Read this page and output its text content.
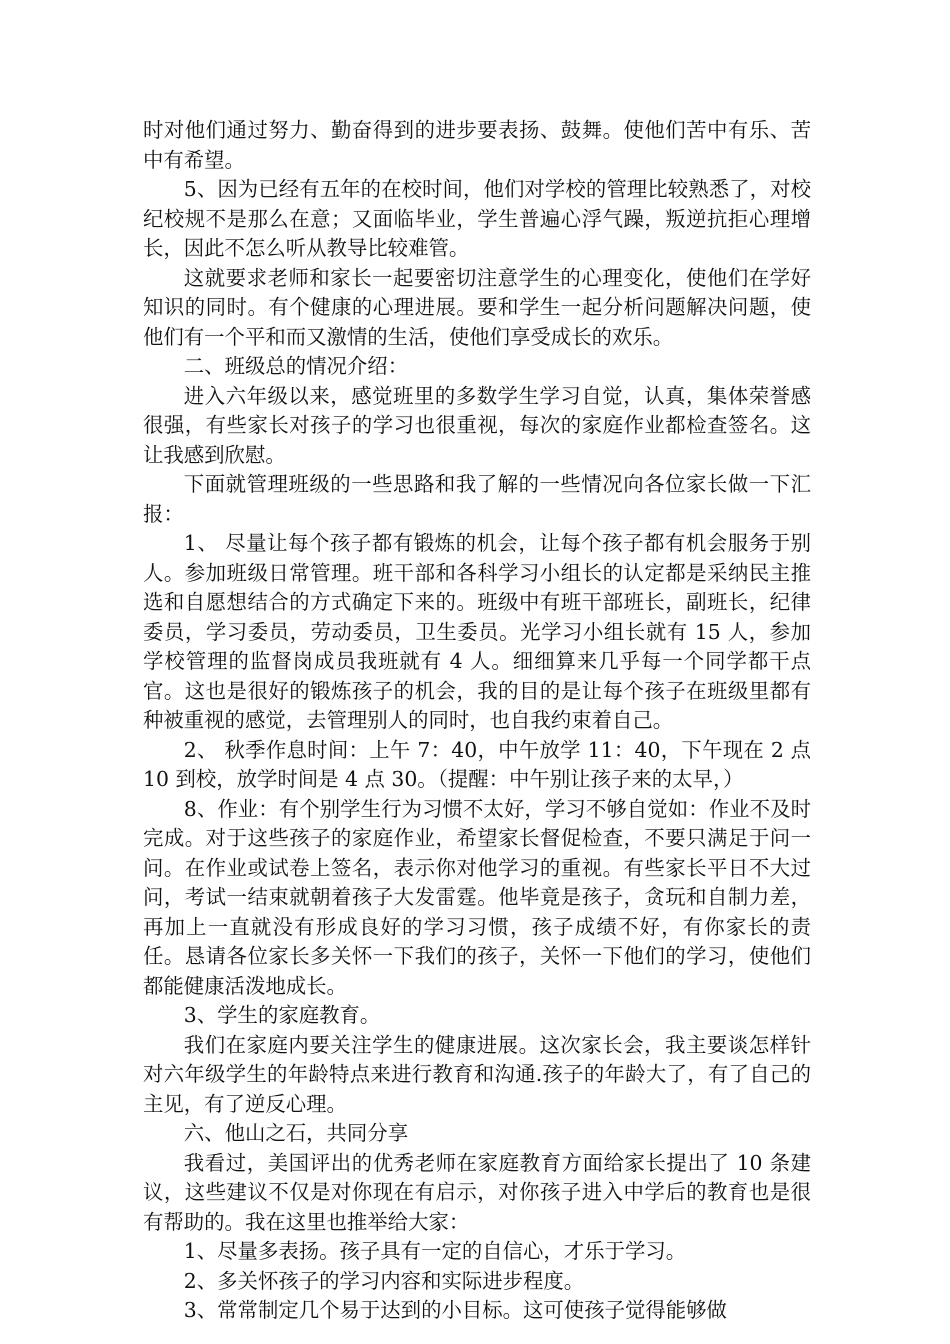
时对他们通过努力、勤奋得到的进步要表扬、鼓舞。使他们苦中有乐、苦中有希望。

5、因为已经有五年的在校时间，他们对学校的管理比较熟悉了，对校纪校规不是那么在意；又面临毕业，学生普遍心浮气躁，叛逆抗拒心理增长，因此不怎么听从教导比较难管。

这就要求老师和家长一起要密切注意学生的心理变化，使他们在学好知识的同时。有个健康的心理进展。要和学生一起分析问题解决问题，使他们有一个平和而又激情的生活，使他们享受成长的欢乐。

二、班级总的情况介绍：

进入六年级以来，感觉班里的多数学生学习自觉，认真，集体荣誉感很强，有些家长对孩子的学习也很重视，每次的家庭作业都检查签名。这让我感到欣慰。

下面就管理班级的一些思路和我了解的一些情况向各位家长做一下汇报：

1、 尽量让每个孩子都有锻炼的机会，让每个孩子都有机会服务于别人。参加班级日常管理。班干部和各科学习小组长的认定都是采纳民主推选和自愿想结合的方式确定下来的。班级中有班干部班长，副班长，纪律委员，学习委员，劳动委员，卫生委员。光学习小组长就有 15 人，参加学校管理的监督岗成员我班就有 4 人。细细算来几乎每一个同学都干点官。这也是很好的锻炼孩子的机会，我的目的是让每个孩子在班级里都有种被重视的感觉，去管理别人的同时，也自我约束着自己。

2、 秋季作息时间：上午 7：40，中午放学 11：40，下午现在 2 点 10 到校，放学时间是 4 点 30。（提醒：中午别让孩子来的太早，）

8、作业：有个别学生行为习惯不太好，学习不够自觉如：作业不及时完成。对于这些孩子的家庭作业，希望家长督促检查，不要只满足于问一问。在作业或试卷上签名，表示你对他学习的重视。有些家长平日不大过问，考试一结束就朝着孩子大发雷霆。他毕竟是孩子，贪玩和自制力差，再加上一直就没有形成良好的学习习惯，孩子成绩不好，有你家长的责任。恳请各位家长多关怀一下我们的孩子，关怀一下他们的学习，使他们都能健康活泼地成长。

3、学生的家庭教育。

我们在家庭内要关注学生的健康进展。这次家长会，我主要谈怎样针对六年级学生的年龄特点来进行教育和沟通.孩子的年龄大了，有了自己的主见，有了逆反心理。

六、他山之石，共同分享

我看过，美国评出的优秀老师在家庭教育方面给家长提出了 10 条建议，这些建议不仅是对你现在有启示，对你孩子进入中学后的教育也是很有帮助的。我在这里也推举给大家：

1、尽量多表扬。孩子具有一定的自信心，才乐于学习。

2、多关怀孩子的学习内容和实际进步程度。

3、常常制定几个易于达到的小目标。这可使孩子觉得能够做
